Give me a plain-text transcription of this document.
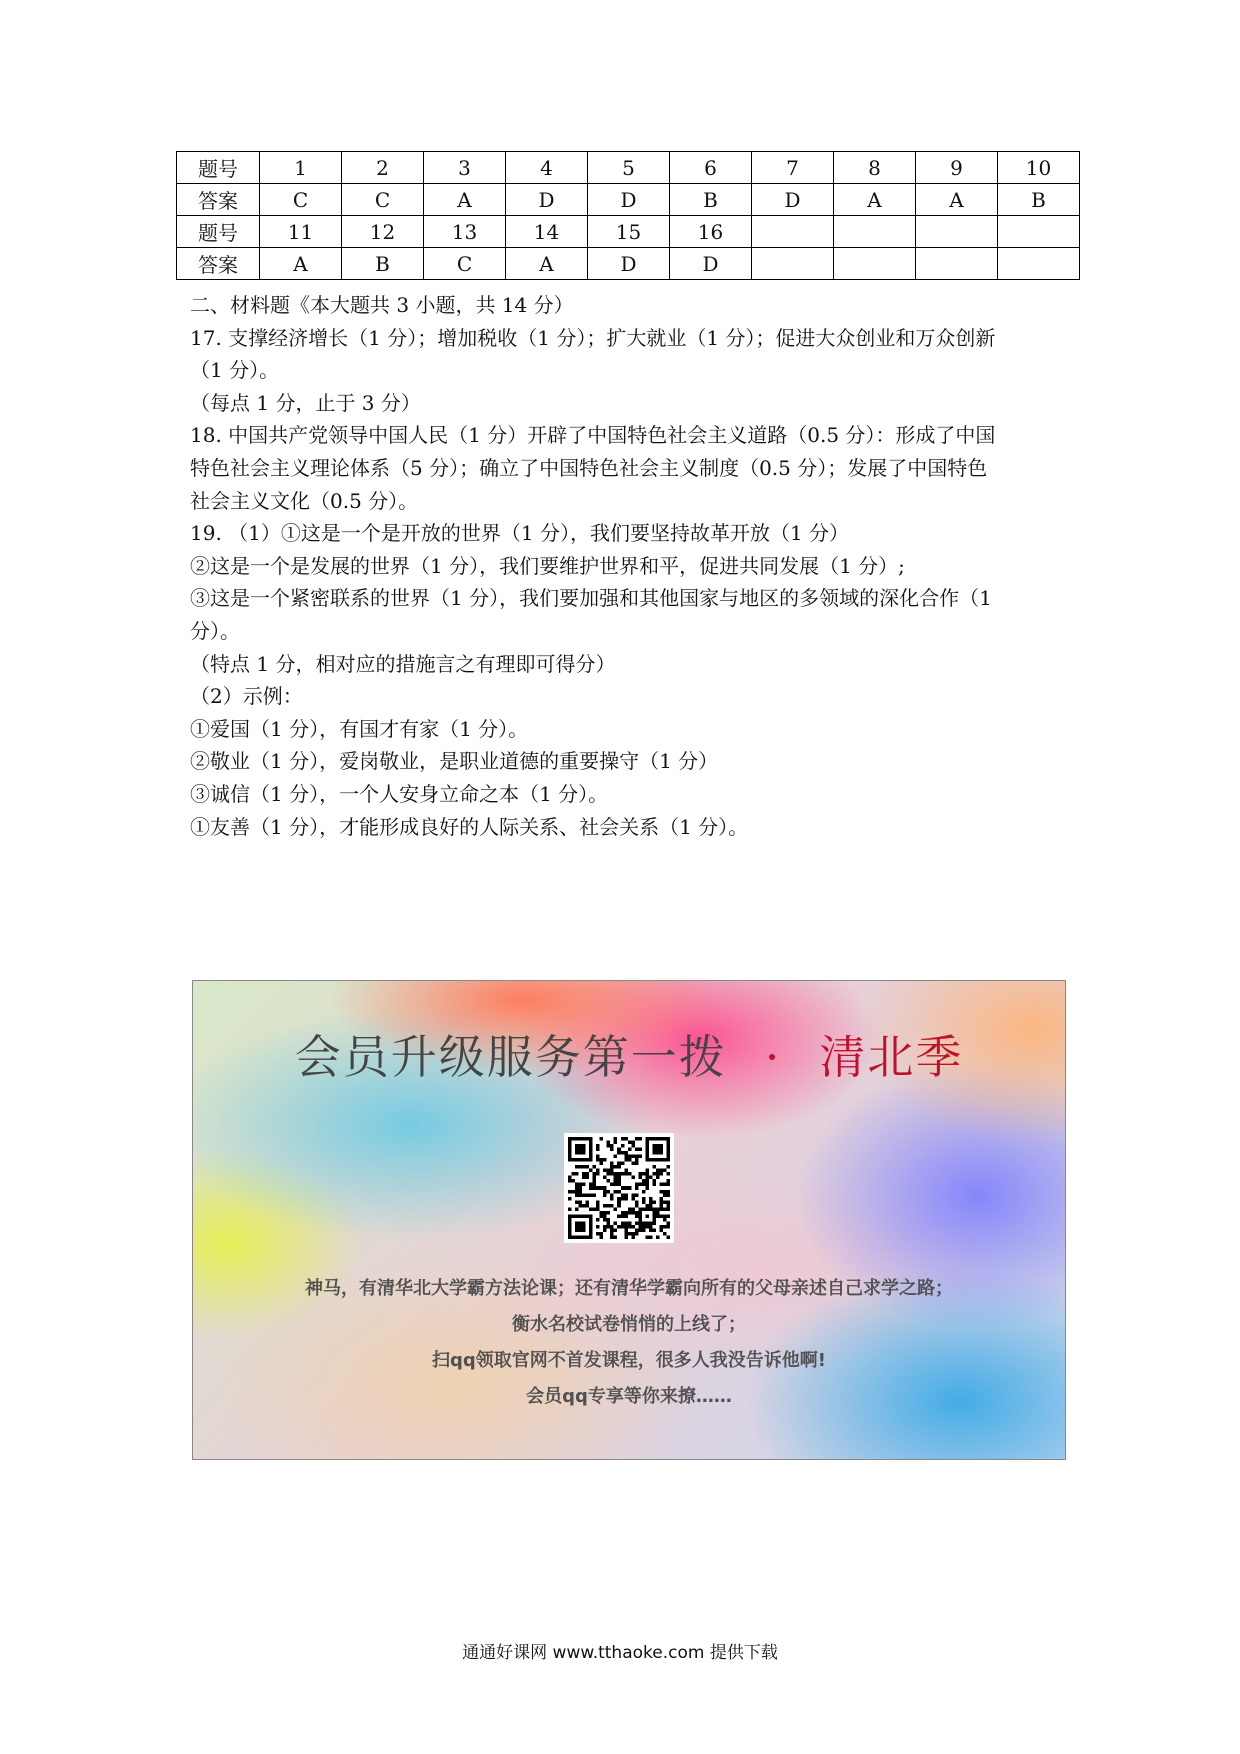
题号	1	2	3	4	5	6	7	8	9	10
答案	C	C	A	D	D	B	D	A	A	B
题号	11	12	13	14	15	16				
答案	A	B	C	A	D	D				

二、材料题《本大题共 3 小题，共 14 分）

17. 支撑经济增长（1 分）；增加税收（1 分）；扩大就业（1 分）；促进大众创业和万众创新

（1 分）。

（每点 1 分，止于 3 分）

18. 中国共产党领导中国人民（1 分）开辟了中国特色社会主义道路（0.5 分）：形成了中国

特色社会主义理论体系（5 分）；确立了中国特色社会主义制度（0.5 分）；发展了中国特色

社会主义文化（0.5 分）。

19. （1）①这是一个是开放的世界（1 分），我们要坚持故革开放（1 分）

②这是一个是发展的世界（1 分），我们要维护世界和平，促进共同发展（1 分）;

③这是一个紧密联系的世界（1 分），我们要加强和其他国家与地区的多领域的深化合作（1

分）。

（特点 1 分，相对应的措施言之有理即可得分）

（2）示例：

①爱国（1 分），有国才有家（1 分）。

②敬业（1 分），爱岗敬业，是职业道德的重要操守（1 分）

③诚信（1 分），一个人安身立命之本（1 分）。

①友善（1 分），才能形成良好的人际关系、社会关系（1 分）。

会员升级服务第一拨 · 清北季

神马，有清华北大学霸方法论课；还有清华学霸向所有的父母亲述自己求学之路；

衡水名校试卷悄悄的上线了；

扫qq领取官网不首发课程，很多人我没告诉他啊!

会员qq专享等你来撩……

通通好课网 www.tthaoke.com 提供下载
